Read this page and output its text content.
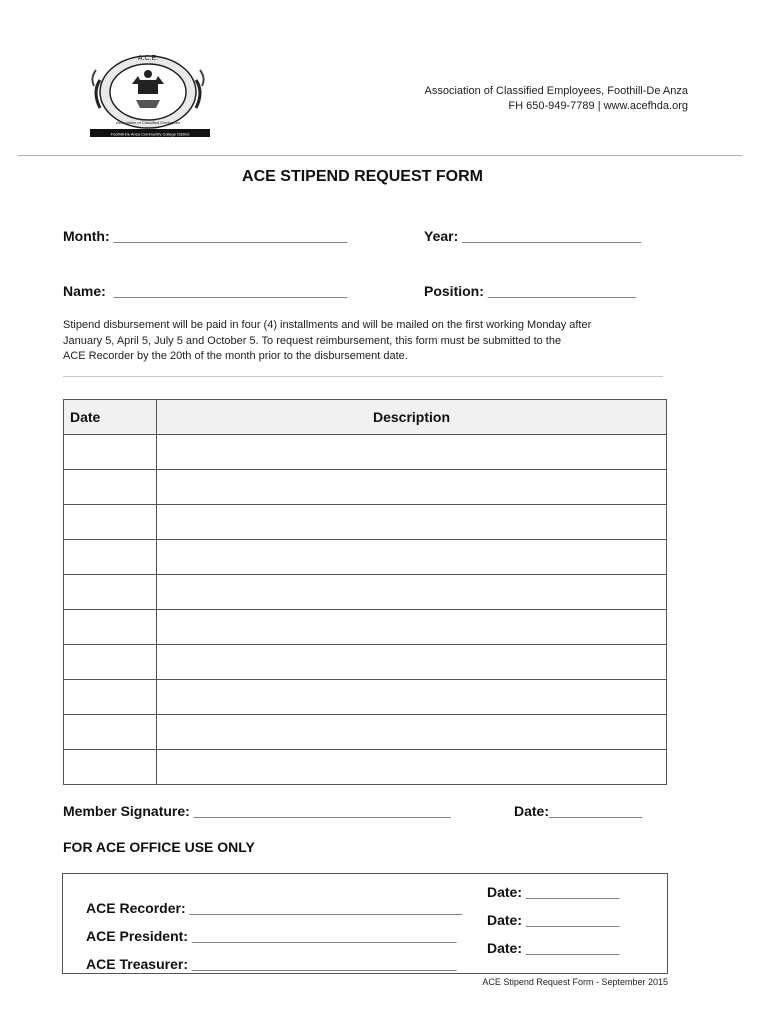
A.C.E.
Association of Classified Employees
Foothill-De Anza Community College District
Association of Classified Employees, Foothill-De Anza
FH 650-949-7789 | www.acefhda.org
ACE STIPEND REQUEST FORM
Month: ______________________________	Year: _______________________
Name:  ______________________________	Position: ___________________
Stipend disbursement will be paid in four (4) installments and will be mailed on the first working Monday after
January 5, April 5, July 5 and October 5. To request reimbursement, this form must be submitted to the
ACE Recorder by the 20th of the month prior to the disbursement date.
Date	Description

Member Signature: _________________________________	Date:____________
FOR ACE OFFICE USE ONLY

ACE Recorder: ___________________________________

Date: ____________

ACE President: __________________________________

Date: ____________

ACE Treasurer: __________________________________

Date: ____________

ACE Stipend Request Form - September 2015
